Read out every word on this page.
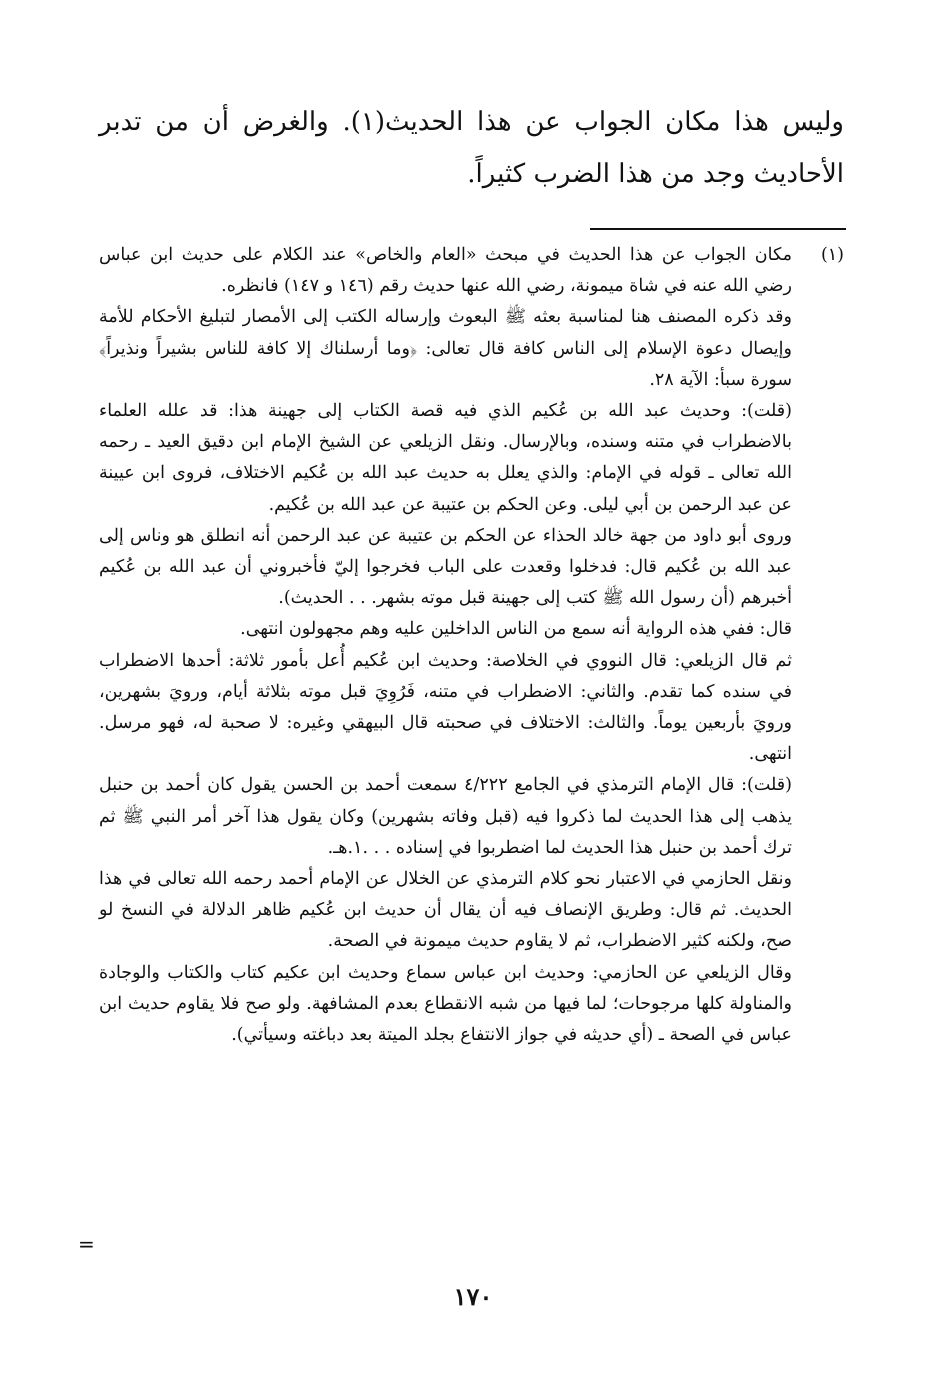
وليس هذا مكان الجواب عن هذا الحديث(١). والغرض أن من تدبر الأحاديث وجد من هذا الضرب كثيراً.

(١)

مكان الجواب عن هذا الحديث في مبحث «العام والخاص» عند الكلام على حديث ابن عباس رضي الله عنه في شاة ميمونة، رضي الله عنها حديث رقم (١٤٦ و ١٤٧) فانظره.

وقد ذكره المصنف هنا لمناسبة بعثه ﷺ البعوث وإرساله الكتب إلى الأمصار لتبليغ الأحكام للأمة وإيصال دعوة الإسلام إلى الناس كافة قال تعالى: ﴿وما أرسلناك إلا كافة للناس بشيراً ونذيراً﴾ سورة سبأ: الآية ٢٨.

(قلت): وحديث عبد الله بن عُكيم الذي فيه قصة الكتاب إلى جهينة هذا: قد علله العلماء بالاضطراب في متنه وسنده، وبالإرسال. ونقل الزيلعي عن الشيخ الإمام ابن دقيق العيد ـ رحمه الله تعالى ـ قوله في الإمام: والذي يعلل به حديث عبد الله بن عُكيم الاختلاف، فروى ابن عيينة عن عبد الرحمن بن أبي ليلى. وعن الحكم بن عتيبة عن عبد الله بن عُكيم.

وروى أبو داود من جهة خالد الحذاء عن الحكم بن عتيبة عن عبد الرحمن أنه انطلق هو وناس إلى عبد الله بن عُكيم قال: فدخلوا وقعدت على الباب فخرجوا إليّ فأخبروني أن عبد الله بن عُكيم أخبرهم (أن رسول الله ﷺ كتب إلى جهينة قبل موته بشهر. . . الحديث).

قال: ففي هذه الرواية أنه سمع من الناس الداخلين عليه وهم مجهولون انتهى.

ثم قال الزيلعي: قال النووي في الخلاصة: وحديث ابن عُكيم أُعل بأمور ثلاثة: أحدها الاضطراب في سنده كما تقدم. والثاني: الاضطراب في متنه، فَرُوِيَ قبل موته بثلاثة أيام، ورويَ بشهرين، ورويَ بأربعين يوماً. والثالث: الاختلاف في صحبته قال البيهقي وغيره: لا صحبة له، فهو مرسل. انتهى.

(قلت): قال الإمام الترمذي في الجامع ٤/٢٢٢ سمعت أحمد بن الحسن يقول كان أحمد بن حنبل يذهب إلى هذا الحديث لما ذكروا فيه (قبل وفاته بشهرين) وكان يقول هذا آخر أمر النبي ﷺ ثم ترك أحمد بن حنبل هذا الحديث لما اضطربوا في إسناده . . .١.هـ.

ونقل الحازمي في الاعتبار نحو كلام الترمذي عن الخلال عن الإمام أحمد رحمه الله تعالى في هذا الحديث. ثم قال: وطريق الإنصاف فيه أن يقال أن حديث ابن عُكيم ظاهر الدلالة في النسخ لو صح، ولكنه كثير الاضطراب، ثم لا يقاوم حديث ميمونة في الصحة.

وقال الزيلعي عن الحازمي: وحديث ابن عباس سماع وحديث ابن عكيم كتاب والكتاب والوجادة والمناولة كلها مرجوحات؛ لما فيها من شبه الانقطاع بعدم المشافهة. ولو صح فلا يقاوم حديث ابن عباس في الصحة ـ (أي حديثه في جواز الانتفاع بجلد الميتة بعد دباغته وسيأتي).

=
١٧٠
